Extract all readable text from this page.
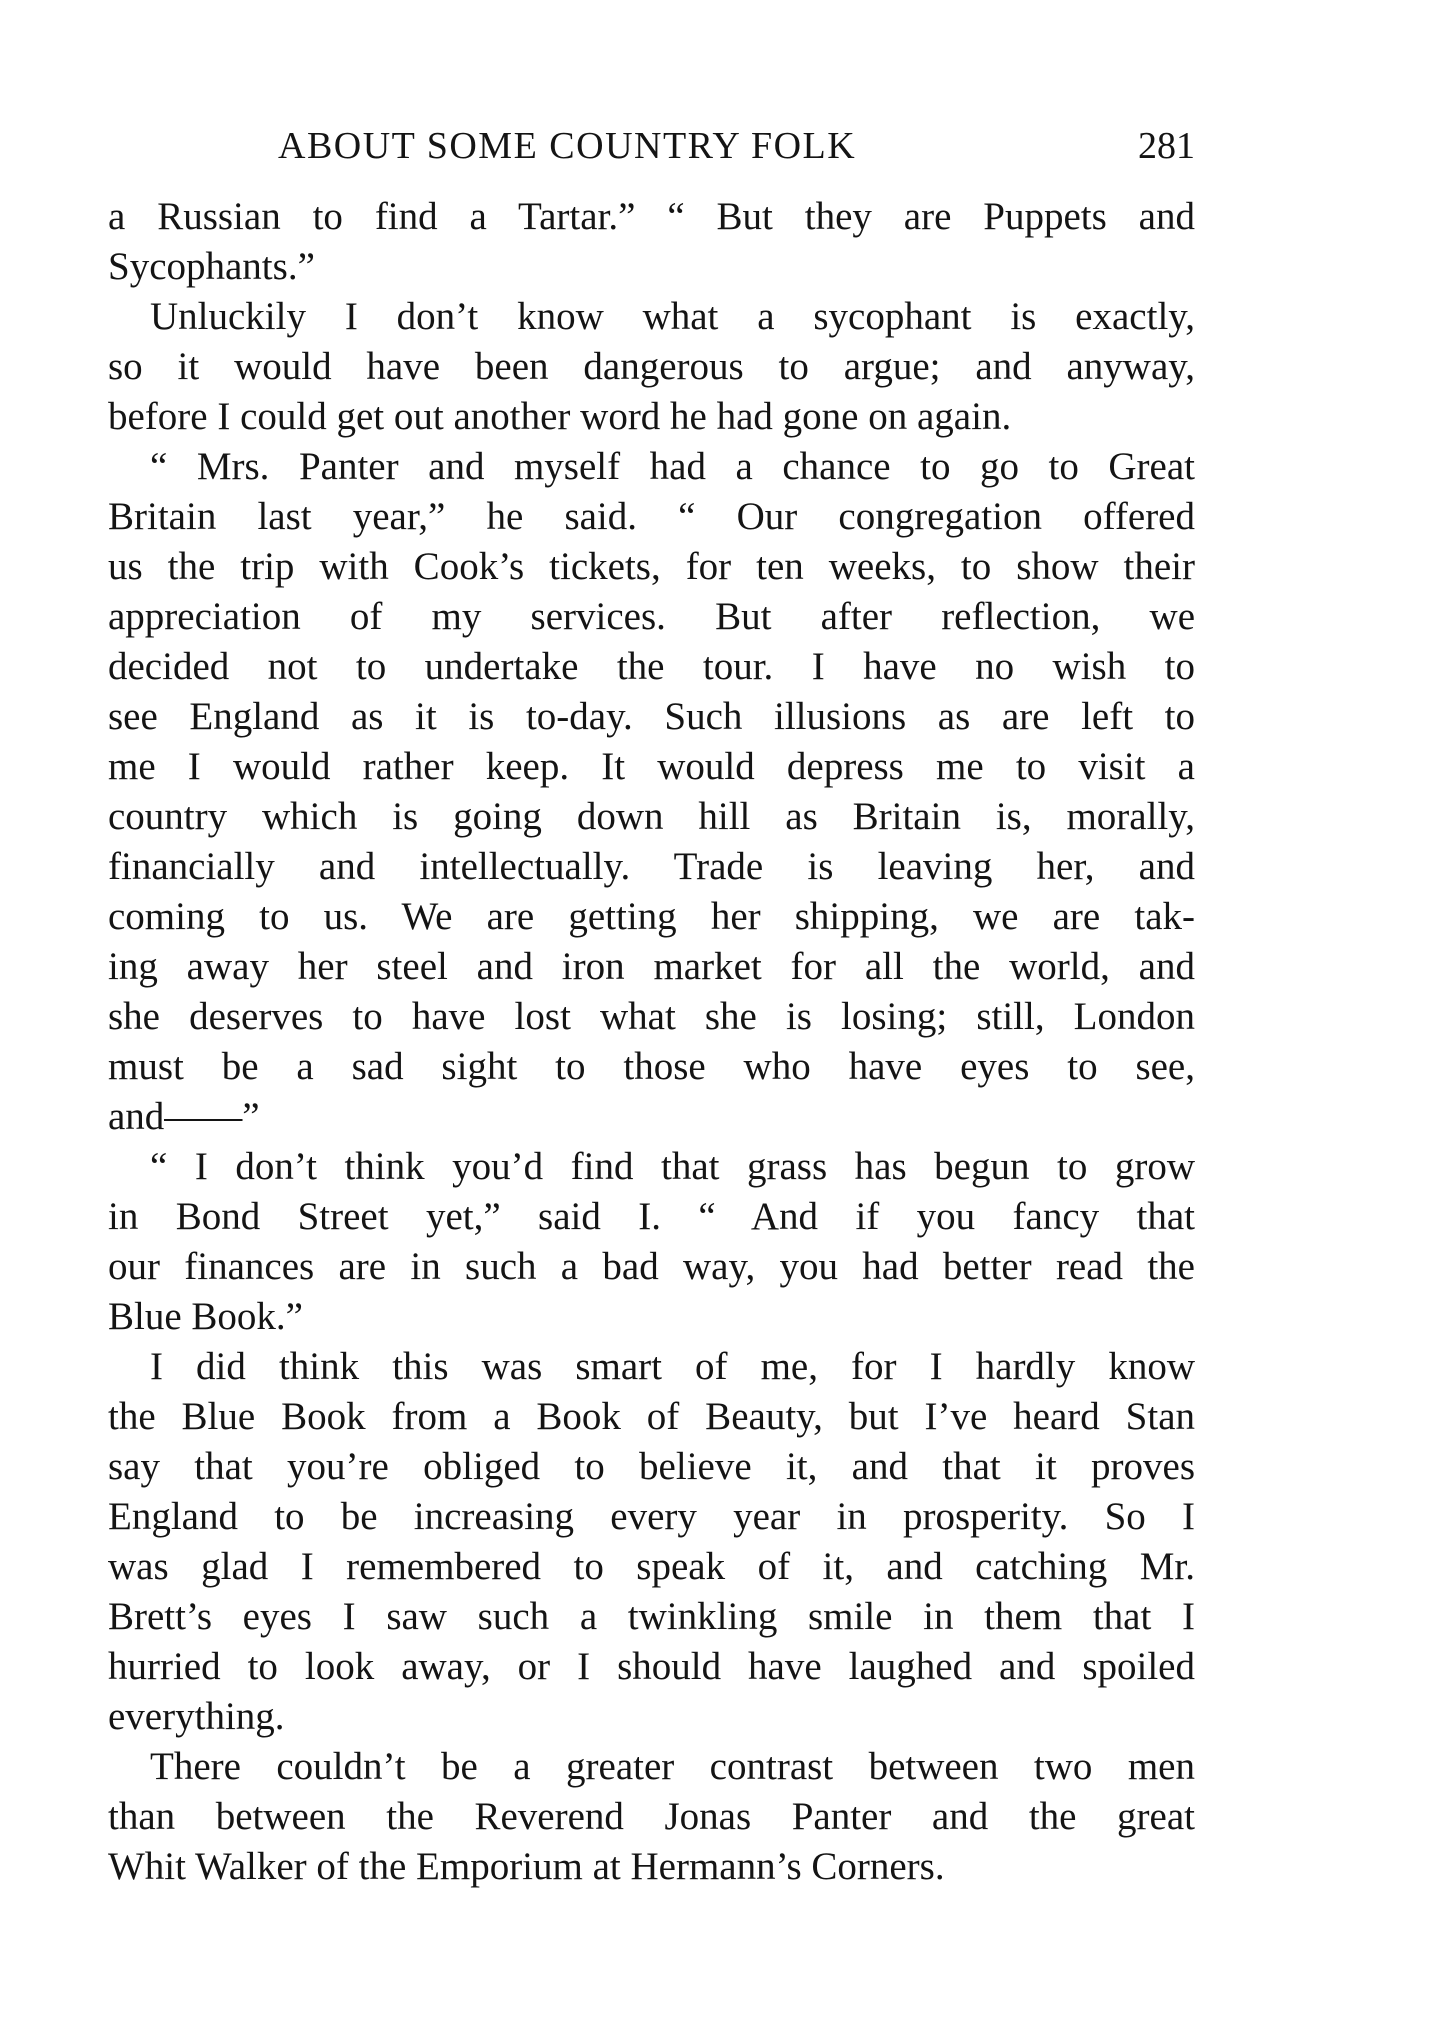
ABOUT SOME COUNTRY FOLK	281
a Russian to find a Tartar.” “ But they are Puppets and
Sycophants.”
Unluckily I don’t know what a sycophant is exactly,
so it would have been dangerous to argue; and anyway,
before I could get out another word he had gone on again.
“ Mrs. Panter and myself had a chance to go to Great
Britain last year,” he said. “ Our congregation offered
us the trip with Cook’s tickets, for ten weeks, to show their
appreciation of my services. But after reflection, we
decided not to undertake the tour. I have no wish to
see England as it is to-day. Such illusions as are left to
me I would rather keep. It would depress me to visit a
country which is going down hill as Britain is, morally,
financially and intellectually. Trade is leaving her, and
coming to us. We are getting her shipping, we are tak-
ing away her steel and iron market for all the world, and
she deserves to have lost what she is losing; still, London
must be a sad sight to those who have eyes to see,
and——”
“ I don’t think you’d find that grass has begun to grow
in Bond Street yet,” said I. “ And if you fancy that
our finances are in such a bad way, you had better read the
Blue Book.”
I did think this was smart of me, for I hardly know
the Blue Book from a Book of Beauty, but I’ve heard Stan
say that you’re obliged to believe it, and that it proves
England to be increasing every year in prosperity. So I
was glad I remembered to speak of it, and catching Mr.
Brett’s eyes I saw such a twinkling smile in them that I
hurried to look away, or I should have laughed and spoiled
everything.
There couldn’t be a greater contrast between two men
than between the Reverend Jonas Panter and the great
Whit Walker of the Emporium at Hermann’s Corners.
